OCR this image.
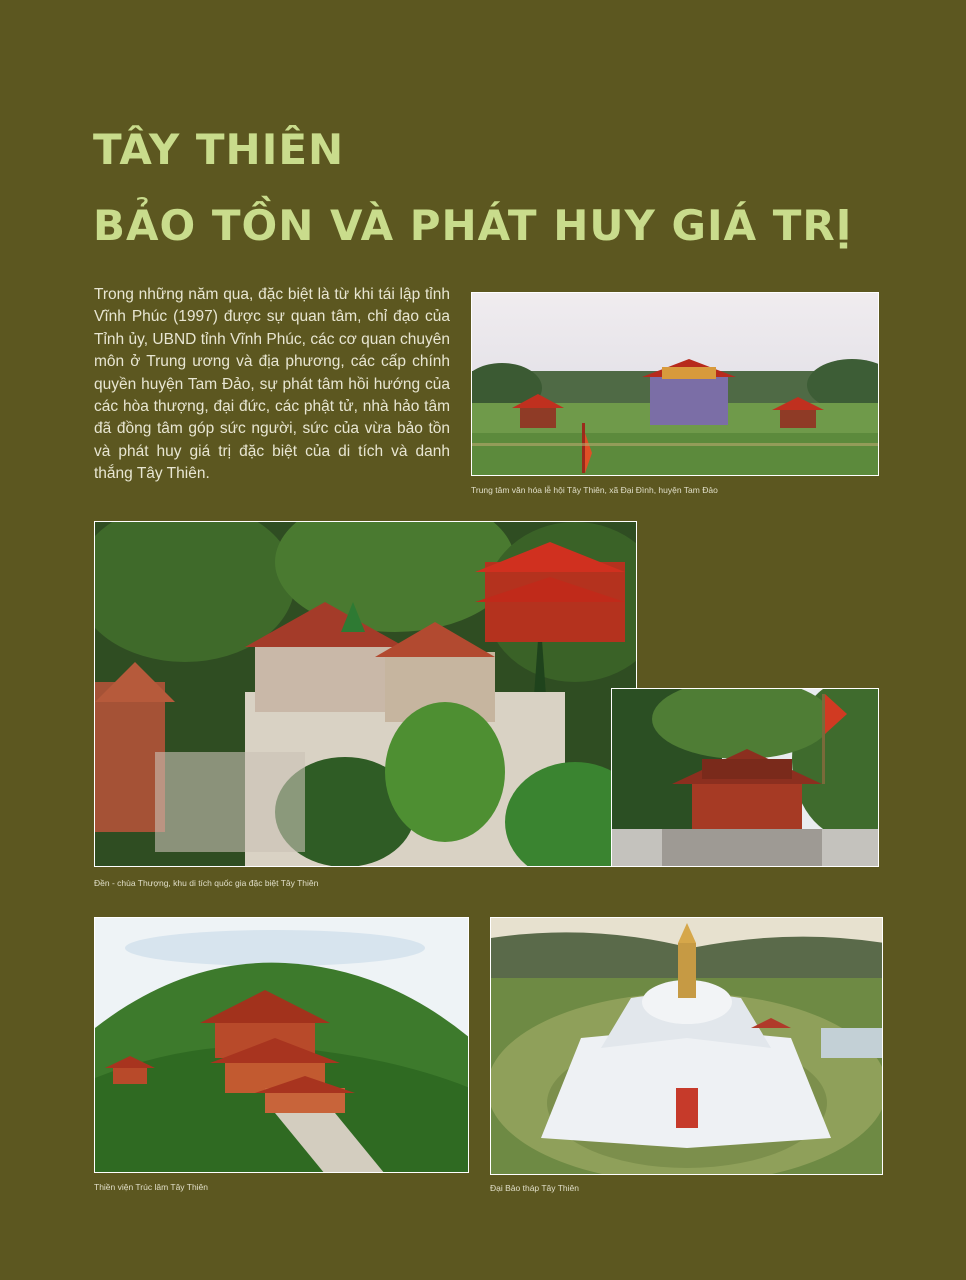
TÂY THIÊN
BẢO TỒN VÀ PHÁT HUY GIÁ TRỊ

Trong những năm qua, đặc biệt là từ khi tái lập tỉnh Vĩnh Phúc (1997) được sự quan tâm, chỉ đạo của Tỉnh ủy, UBND tỉnh Vĩnh Phúc, các cơ quan chuyên môn ở Trung ương và địa phương, các cấp chính quyền huyện Tam Đảo, sự phát tâm hồi hướng của các hòa thượng, đại đức, các phật tử, nhà hảo tâm đã đồng tâm góp sức người, sức của vừa bảo tồn và phát huy giá trị đặc biệt của di tích và danh thắng Tây Thiên.

Trung tâm văn hóa lễ hội Tây Thiên, xã Đại Đình, huyện Tam Đảo
Đền - chùa Thượng, khu di tích quốc gia đặc biệt Tây Thiên
Thiền viện Trúc lâm Tây Thiên	Đại Bảo tháp Tây Thiên
